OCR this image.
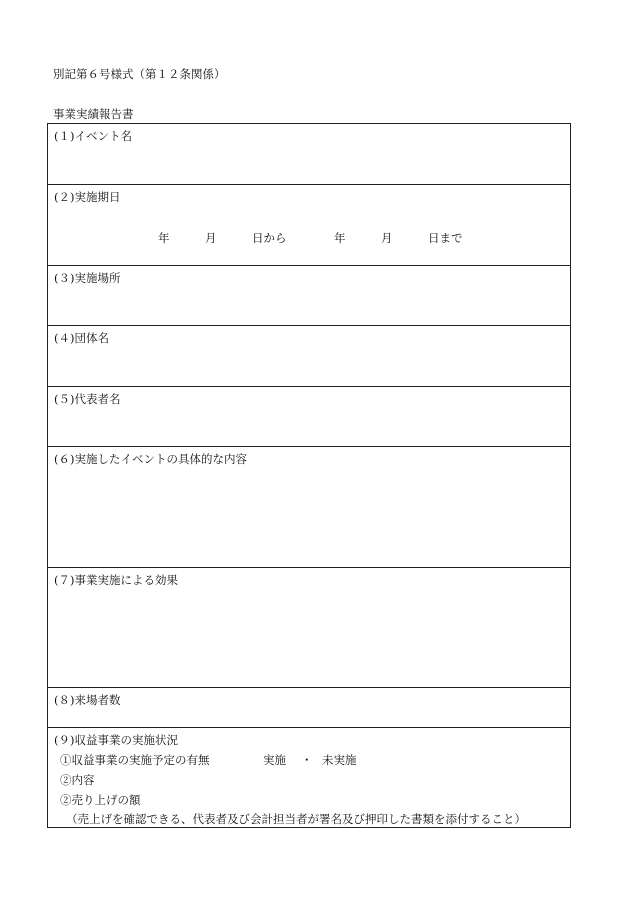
別記第６号様式（第１２条関係）
事業実績報告書
(１)イベント名
(２)実施期日
年	月	日から	年	月	日まで
(３)実施場所
(４)団体名
(５)代表者名
(６)実施したイベントの具体的な内容
(７)事業実施による効果
(８)来場者数
(９)収益事業の実施状況
①収益事業の実施予定の有無	実施 ・ 未実施
②内容
②売り上げの額
（売上げを確認できる、代表者及び会計担当者が署名及び押印した書類を添付すること）
